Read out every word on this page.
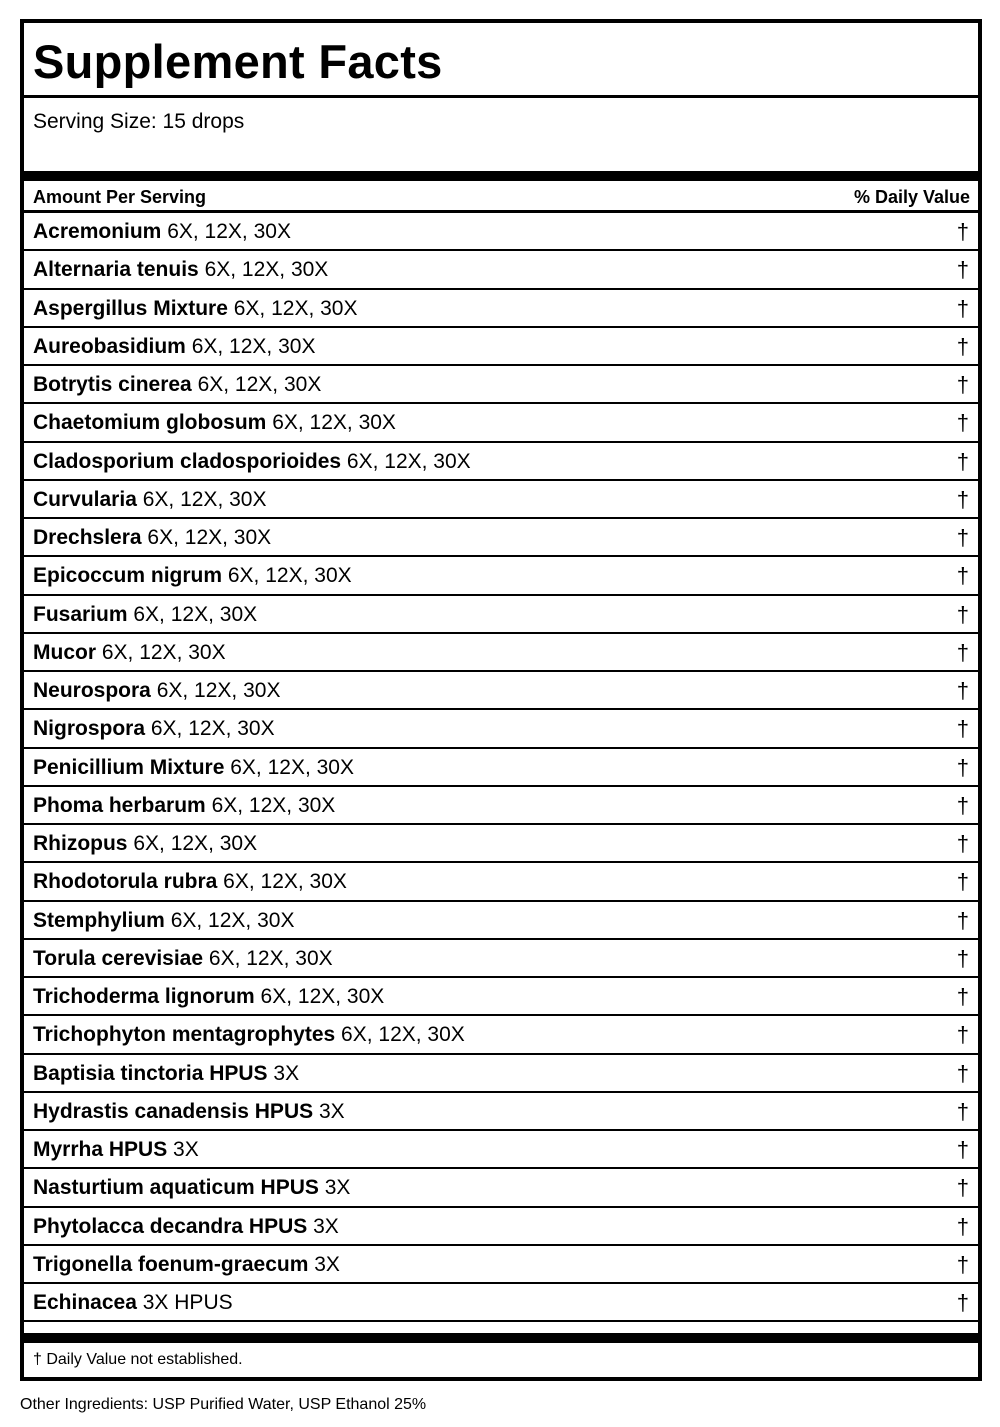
Supplement Facts
Serving Size: 15 drops
Amount Per Serving	% Daily Value
Acremonium 6X, 12X, 30X	†
Alternaria tenuis 6X, 12X, 30X	†
Aspergillus Mixture 6X, 12X, 30X	†
Aureobasidium 6X, 12X, 30X	†
Botrytis cinerea 6X, 12X, 30X	†
Chaetomium globosum 6X, 12X, 30X	†
Cladosporium cladosporioides 6X, 12X, 30X	†
Curvularia 6X, 12X, 30X	†
Drechslera 6X, 12X, 30X	†
Epicoccum nigrum 6X, 12X, 30X	†
Fusarium 6X, 12X, 30X	†
Mucor 6X, 12X, 30X	†
Neurospora 6X, 12X, 30X	†
Nigrospora 6X, 12X, 30X	†
Penicillium Mixture 6X, 12X, 30X	†
Phoma herbarum 6X, 12X, 30X	†
Rhizopus 6X, 12X, 30X	†
Rhodotorula rubra 6X, 12X, 30X	†
Stemphylium 6X, 12X, 30X	†
Torula cerevisiae 6X, 12X, 30X	†
Trichoderma lignorum 6X, 12X, 30X	†
Trichophyton mentagrophytes 6X, 12X, 30X	†
Baptisia tinctoria HPUS 3X	†
Hydrastis canadensis HPUS 3X	†
Myrrha HPUS 3X	†
Nasturtium aquaticum HPUS 3X	†
Phytolacca decandra HPUS 3X	†
Trigonella foenum-graecum 3X	†
Echinacea 3X HPUS	†
† Daily Value not established.
Other Ingredients: USP Purified Water, USP Ethanol 25%
